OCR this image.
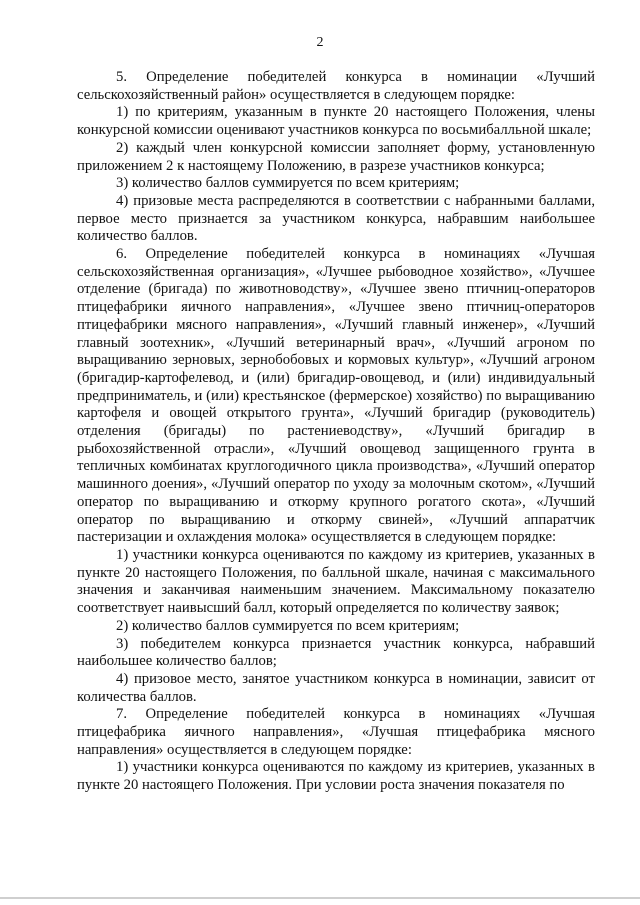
2

5. Определение победителей конкурса в номинации «Лучший сельскохозяйственный район» осуществляется в следующем порядке:

1) по критериям, указанным в пункте 20 настоящего Положения, члены конкурсной комиссии оценивают участников конкурса по восьмибалльной шкале;

2) каждый член конкурсной комиссии заполняет форму, установленную приложением 2 к настоящему Положению, в разрезе участников конкурса;

3) количество баллов суммируется по всем критериям;

4) призовые места распределяются в соответствии с набранными баллами, первое место признается за участником конкурса, набравшим наибольшее количество баллов.

6. Определение победителей конкурса в номинациях «Лучшая сельскохозяйственная организация», «Лучшее рыбоводное хозяйство», «Лучшее отделение (бригада) по животноводству», «Лучшее звено птичниц-операторов птицефабрики яичного направления», «Лучшее звено птичниц-операторов птицефабрики мясного направления», «Лучший главный инженер», «Лучший главный зоотехник», «Лучший ветеринарный врач», «Лучший агроном по выращиванию зерновых, зернобобовых и кормовых культур», «Лучший агроном (бригадир-картофелевод, и (или) бригадир-овощевод, и (или) индивидуальный предприниматель, и (или) крестьянское (фермерское) хозяйство) по выращиванию картофеля и овощей открытого грунта», «Лучший бригадир (руководитель) отделения (бригады) по растениеводству», «Лучший бригадир в рыбохозяйственной отрасли», «Лучший овощевод защищенного грунта в тепличных комбинатах круглогодичного цикла производства», «Лучший оператор машинного доения», «Лучший оператор по уходу за молочным скотом», «Лучший оператор по выращиванию и откорму крупного рогатого скота», «Лучший оператор по выращиванию и откорму свиней», «Лучший аппаратчик пастеризации и охлаждения молока» осуществляется в следующем порядке:

1) участники конкурса оцениваются по каждому из критериев, указанных в пункте 20 настоящего Положения, по балльной шкале, начиная с максимального значения и заканчивая наименьшим значением. Максимальному показателю соответствует наивысший балл, который определяется по количеству заявок;

2) количество баллов суммируется по всем критериям;

3) победителем конкурса признается участник конкурса, набравший наибольшее количество баллов;

4) призовое место, занятое участником конкурса в номинации, зависит от количества баллов.

7. Определение победителей конкурса в номинациях «Лучшая птицефабрика яичного направления», «Лучшая птицефабрика мясного направления» осуществляется в следующем порядке:

1) участники конкурса оцениваются по каждому из критериев, указанных в пункте 20 настоящего Положения. При условии роста значения показателя по
